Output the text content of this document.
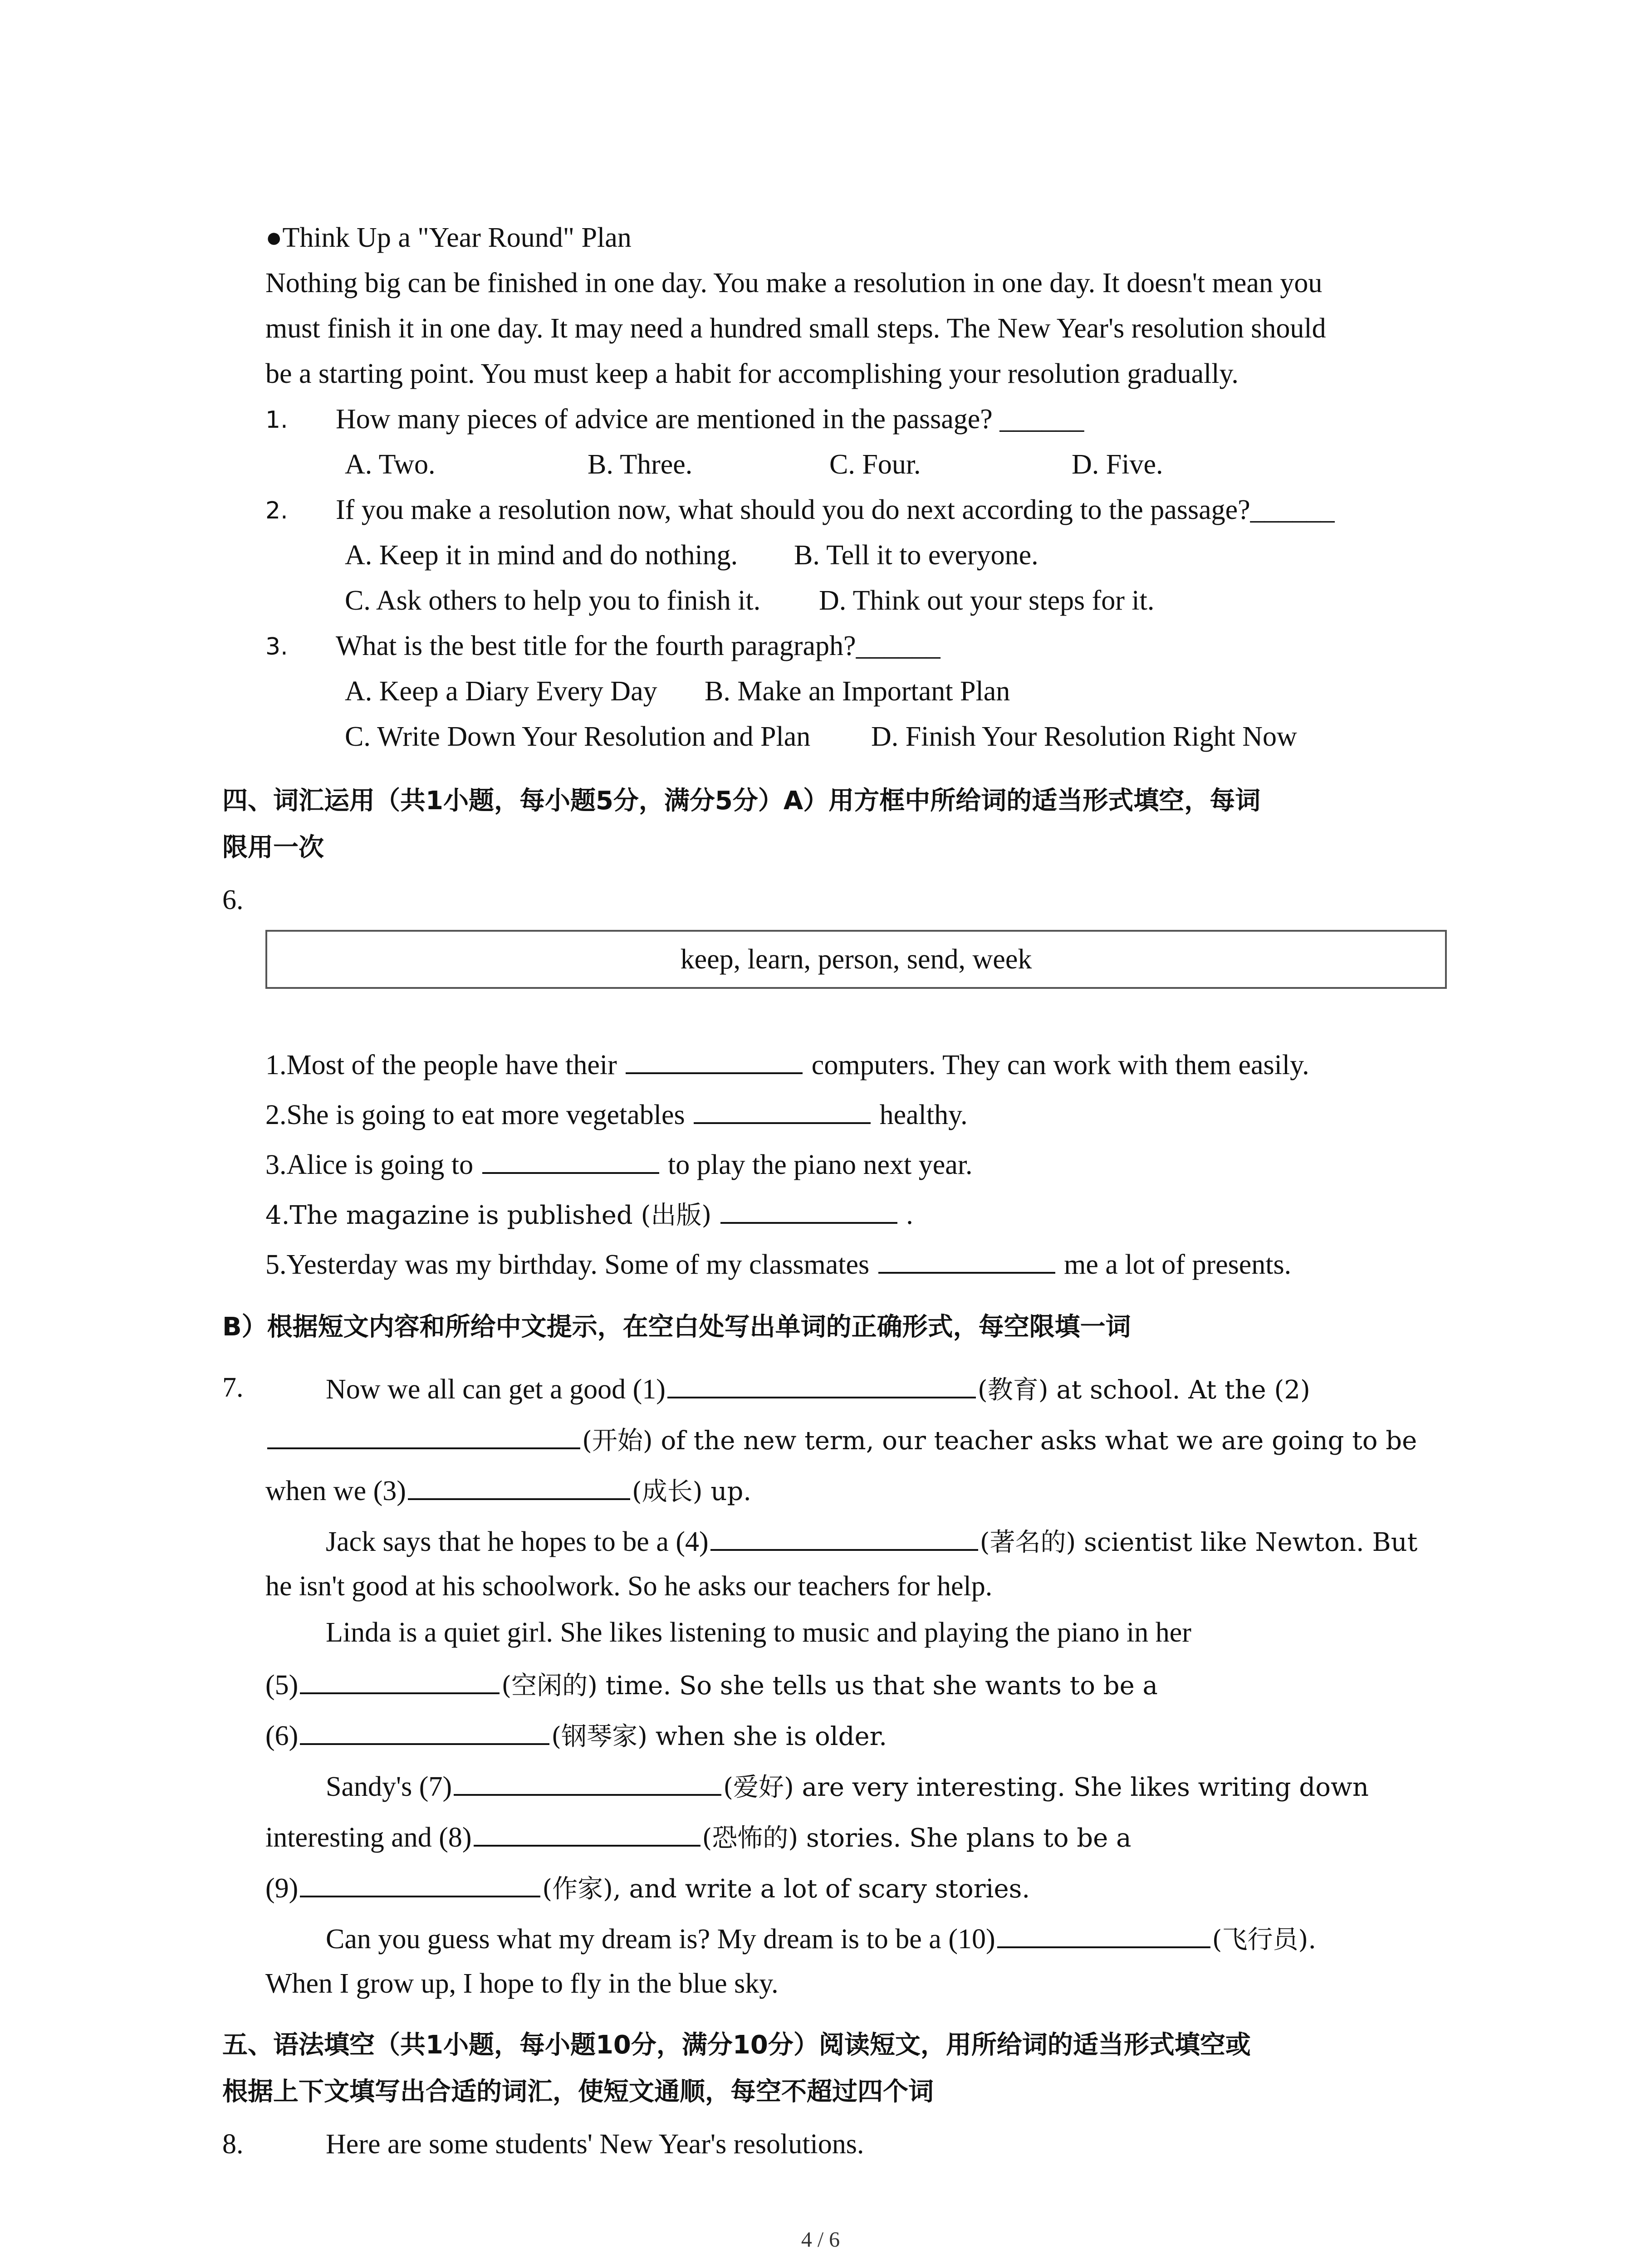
●Think Up a "Year Round" Plan
Nothing big can be finished in one day. You make a resolution in one day. It doesn't mean you
must finish it in one day. It may need a hundred small steps. The New Year's resolution should
be a starting point. You must keep a habit for accomplishing your resolution gradually.
1. How many pieces of advice are mentioned in the passage? ______
A. Two.	B. Three.	C. Four.	D. Five.
2. If you make a resolution now, what should you do next according to the passage?______
A. Keep it in mind and do nothing. B. Tell it to everyone.
C. Ask others to help you to finish it. D. Think out your steps for it.
3. What is the best title for the fourth paragraph?______
A. Keep a Diary Every Day B. Make an Important Plan
C. Write Down Your Resolution and Plan D. Finish Your Resolution Right Now
四、词汇运用（共1小题，每小题5分，满分5分）A）用方框中所给词的适当形式填空，每词
限用一次
6.
keep, learn, person, send, week
1.Most of the people have their	computers. They can work with them easily.
2.She is going to eat more vegetables	healthy.
3.Alice is going to	to play the piano next year.
4.The magazine is published (出版)	.
5.Yesterday was my birthday. Some of my classmates	me a lot of presents.
B）根据短文内容和所给中文提示，在空白处写出单词的正确形式，每空限填一词
7.	Now we all can get a good (1)	(教育) at school. At the (2)
(开始) of the new term, our teacher asks what we are going to be
when we (3)	(成长) up.
Jack says that he hopes to be a (4)	(著名的) scientist like Newton. But
he isn't good at his schoolwork. So he asks our teachers for help.
Linda is a quiet girl. She likes listening to music and playing the piano in her
(5)	(空闲的) time. So she tells us that she wants to be a
(6)	(钢琴家) when she is older.
Sandy's (7)	(爱好) are very interesting. She likes writing down
interesting and (8)	(恐怖的) stories. She plans to be a
(9)	(作家), and write a lot of scary stories.
Can you guess what my dream is? My dream is to be a (10)	(飞行员).
When I grow up, I hope to fly in the blue sky.
五、语法填空（共1小题，每小题10分，满分10分）阅读短文，用所给词的适当形式填空或
根据上下文填写出合适的词汇，使短文通顺，每空不超过四个词
8.	Here are some students' New Year's resolutions.
4 / 6
